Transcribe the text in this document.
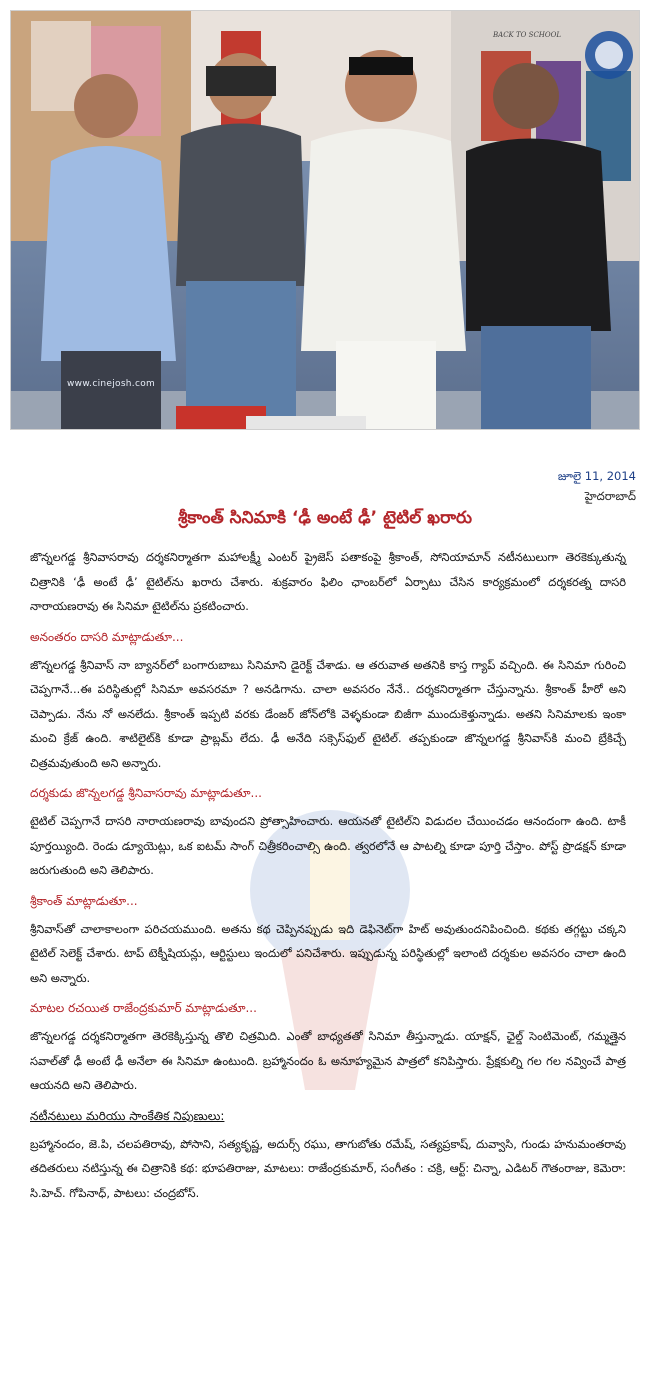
www.cinejosh.com
BACK TO SCHOOL
జూలై 11, 2014
హైదరాబాద్
శ్రీకాంత్ సినిమాకి ‘ఢీ అంటే ఢీ’ టైటిల్ ఖరారు

జొన్నలగడ్డ శ్రీనివాసరావు దర్శకనిర్మాతగా మహాలక్ష్మీ ఎంటర్ ప్రైజెస్ పతాకంపై శ్రీకాంత్, సోనియామాన్ నటీనటులుగా తెరకెక్కుతున్న చిత్రానికి ‘ఢీ అంటే ఢీ’ టైటిల్‌ను ఖరారు చేశారు. శుక్రవారం ఫిలిం ఛాంబర్‌లో ఏర్పాటు చేసిన కార్యక్రమంలో దర్శకరత్న దాసరి నారాయణరావు ఈ సినిమా టైటిల్‌ను ప్రకటించారు.

అనంతరం దాసరి మాట్లాడుతూ...

జొన్నలగడ్డ శ్రీనివాస్ నా బ్యానర్‌లో బంగారుబాబు సినిమాని డైరెక్ట్ చేశాడు. ఆ తరువాత అతనికి కాస్త గ్యాప్ వచ్చింది. ఈ సినిమా గురించి చెప్పగానే...ఈ పరిస్థితుల్లో సినిమా అవసరమా ? అనడిగాను. చాలా అవసరం నేనే.. దర్శకనిర్మాతగా చేస్తున్నాను. శ్రీకాంత్ హీరో అని చెప్పాడు. నేను నో అనలేదు. శ్రీకాంత్ ఇప్పటి వరకు డేంజర్ జోన్‌లోకి వెళ్ళకుండా బిజీగా ముందుకెళ్తున్నాడు. అతని సినిమాలకు ఇంకా మంచి క్రేజ్ ఉంది. శాటిలైట్‌కి కూడా ప్రాబ్లమ్ లేదు. ఢీ అనేది సక్సెస్‌ఫుల్ టైటిల్. తప్పకుండా జొన్నలగడ్డ శ్రీనివాస్‌కి మంచి బ్రేకిచ్చే చిత్రమవుతుంది అని అన్నారు.

దర్శకుడు జొన్నలగడ్డ శ్రీనివాసరావు మాట్లాడుతూ...

టైటిల్ చెప్పగానే దాసరి నారాయణరావు బావుందని ప్రోత్సాహించారు. ఆయనతో టైటిల్‌ని విడుదల చేయించడం ఆనందంగా ఉంది. టాకీ పూర్తయ్యింది. రెండు డ్యూయెట్లు, ఒక ఐటమ్ సాంగ్ చిత్రీకరించాల్సి ఉంది. త్వరలోనే ఆ పాటల్ని కూడా పూర్తి చేస్తాం. పోస్ట్ ప్రొడక్షన్ కూడా జరుగుతుంది అని తెలిపారు.

శ్రీకాంత్ మాట్లాడుతూ...

శ్రీనివాస్‌తో చాలాకాలంగా పరిచయముంది. అతను కథ చెప్పినప్పుడు ఇది డెఫినెట్‌గా హిట్ అవుతుందనిపించింది. కథకు తగ్గట్టు చక్కని టైటిల్ సెలెక్ట్ చేశారు. టాప్ టెక్నీషియన్లు, ఆర్టిస్టులు ఇందులో పనిచేశారు. ఇప్పుడున్న పరిస్థితుల్లో ఇలాంటి దర్శకుల అవసరం చాలా ఉంది అని అన్నారు.

మాటల రచయిత రాజేంద్రకుమార్ మాట్లాడుతూ...

జొన్నలగడ్డ దర్శకనిర్మాతగా తెరకెక్కిస్తున్న తొలి చిత్రమిది. ఎంతో బాధ్యతతో సినిమా తీస్తున్నాడు. యాక్షన్, ఛైల్డ్ సెంటిమెంట్, గమ్మత్తైన సవాల్‌తో ఢీ అంటే ఢీ అనేలా ఈ సినిమా ఉంటుంది. బ్రహ్మానందం ఓ అనూహ్యమైన పాత్రలో కనిపిస్తారు. ప్రేక్షకుల్ని గల గల నవ్వించే పాత్ర ఆయనది అని తెలిపారు.

నటీనటులు మరియు సాంకేతిక నిపుణులు:

బ్రహ్మానందం, జె.పి, చలపతిరావు, పోసాని, సత్యకృష్ణ, అదుర్స్ రఘు, తాగుబోతు రమేష్, సత్యప్రకాష్, దువ్వాసి, గుండు హనుమంతరావు తదితరులు నటిస్తున్న ఈ చిత్రానికి కథ: భూపతిరాజు, మాటలు: రాజేంద్రకుమార్, సంగీతం : చక్రి, ఆర్ట్: చిన్నా, ఎడిటర్ గౌతంరాజు, కెమెరా: సి.హెచ్. గోపినాధ్, పాటలు: చంద్రబోస్.
